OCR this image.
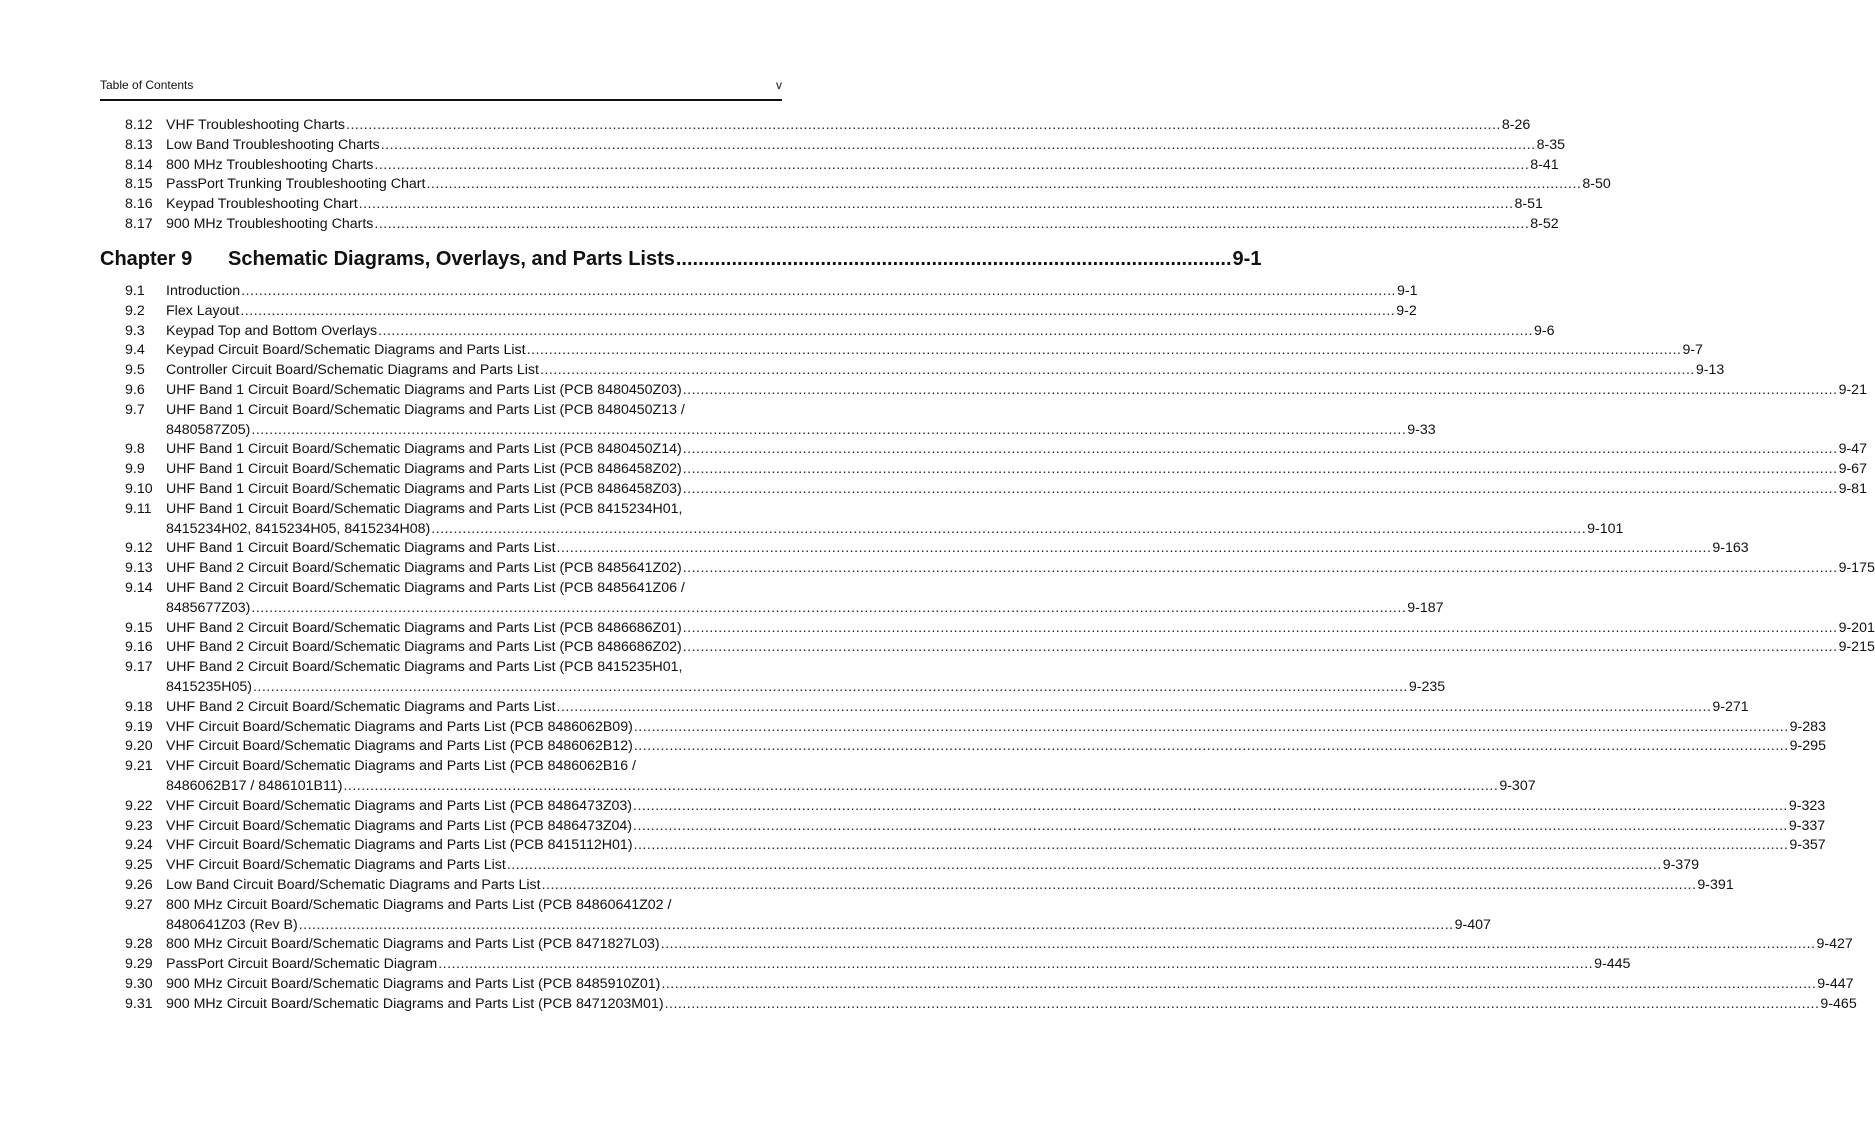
Table of Contents	v
8.12 VHF Troubleshooting Charts .................................................................................................................................................................................................................................................................... 8-26
8.13 Low Band Troubleshooting Charts .................................................................................................................................................................................................................................................................... 8-35
8.14 800 MHz Troubleshooting Charts .................................................................................................................................................................................................................................................................... 8-41
8.15 PassPort Trunking Troubleshooting Chart .................................................................................................................................................................................................................................................................... 8-50
8.16 Keypad Troubleshooting Chart .................................................................................................................................................................................................................................................................... 8-51
8.17 900 MHz Troubleshooting Charts .................................................................................................................................................................................................................................................................... 8-52
Chapter 9	Schematic Diagrams, Overlays, and Parts Lists .................................................................................................... 9-1
9.1 Introduction .................................................................................................................................................................................................................................................................... 9-1
9.2 Flex Layout .................................................................................................................................................................................................................................................................... 9-2
9.3 Keypad Top and Bottom Overlays .................................................................................................................................................................................................................................................................... 9-6
9.4 Keypad Circuit Board/Schematic Diagrams and Parts List .................................................................................................................................................................................................................................................................... 9-7
9.5 Controller Circuit Board/Schematic Diagrams and Parts List .................................................................................................................................................................................................................................................................... 9-13
9.6 UHF Band 1 Circuit Board/Schematic Diagrams and Parts List (PCB 8480450Z03) .................................................................................................................................................................................................................................................................... 9-21
9.7 UHF Band 1 Circuit Board/Schematic Diagrams and Parts List (PCB 8480450Z13 /
8480587Z05) .................................................................................................................................................................................................................................................................... 9-33
9.8 UHF Band 1 Circuit Board/Schematic Diagrams and Parts List (PCB 8480450Z14) .................................................................................................................................................................................................................................................................... 9-47
9.9 UHF Band 1 Circuit Board/Schematic Diagrams and Parts List (PCB 8486458Z02) .................................................................................................................................................................................................................................................................... 9-67
9.10 UHF Band 1 Circuit Board/Schematic Diagrams and Parts List (PCB 8486458Z03) .................................................................................................................................................................................................................................................................... 9-81
9.11 UHF Band 1 Circuit Board/Schematic Diagrams and Parts List (PCB 8415234H01,
8415234H02, 8415234H05, 8415234H08) .................................................................................................................................................................................................................................................................... 9-101
9.12 UHF Band 1 Circuit Board/Schematic Diagrams and Parts List .................................................................................................................................................................................................................................................................... 9-163
9.13 UHF Band 2 Circuit Board/Schematic Diagrams and Parts List (PCB 8485641Z02) .................................................................................................................................................................................................................................................................... 9-175
9.14 UHF Band 2 Circuit Board/Schematic Diagrams and Parts List (PCB 8485641Z06 /
8485677Z03) .................................................................................................................................................................................................................................................................... 9-187
9.15 UHF Band 2 Circuit Board/Schematic Diagrams and Parts List (PCB 8486686Z01) .................................................................................................................................................................................................................................................................... 9-201
9.16 UHF Band 2 Circuit Board/Schematic Diagrams and Parts List (PCB 8486686Z02) .................................................................................................................................................................................................................................................................... 9-215
9.17 UHF Band 2 Circuit Board/Schematic Diagrams and Parts List (PCB 8415235H01,
8415235H05) .................................................................................................................................................................................................................................................................... 9-235
9.18 UHF Band 2 Circuit Board/Schematic Diagrams and Parts List .................................................................................................................................................................................................................................................................... 9-271
9.19 VHF Circuit Board/Schematic Diagrams and Parts List (PCB 8486062B09) .................................................................................................................................................................................................................................................................... 9-283
9.20 VHF Circuit Board/Schematic Diagrams and Parts List (PCB 8486062B12) .................................................................................................................................................................................................................................................................... 9-295
9.21 VHF Circuit Board/Schematic Diagrams and Parts List (PCB 8486062B16 /
8486062B17 / 8486101B11) .................................................................................................................................................................................................................................................................... 9-307
9.22 VHF Circuit Board/Schematic Diagrams and Parts List (PCB 8486473Z03) .................................................................................................................................................................................................................................................................... 9-323
9.23 VHF Circuit Board/Schematic Diagrams and Parts List (PCB 8486473Z04) .................................................................................................................................................................................................................................................................... 9-337
9.24 VHF Circuit Board/Schematic Diagrams and Parts List (PCB 8415112H01) .................................................................................................................................................................................................................................................................... 9-357
9.25 VHF Circuit Board/Schematic Diagrams and Parts List .................................................................................................................................................................................................................................................................... 9-379
9.26 Low Band Circuit Board/Schematic Diagrams and Parts List .................................................................................................................................................................................................................................................................... 9-391
9.27 800 MHz Circuit Board/Schematic Diagrams and Parts List (PCB 84860641Z02 /
8480641Z03 (Rev B) .................................................................................................................................................................................................................................................................... 9-407
9.28 800 MHz Circuit Board/Schematic Diagrams and Parts List (PCB 8471827L03) .................................................................................................................................................................................................................................................................... 9-427
9.29 PassPort Circuit Board/Schematic Diagram .................................................................................................................................................................................................................................................................... 9-445
9.30 900 MHz Circuit Board/Schematic Diagrams and Parts List (PCB 8485910Z01) .................................................................................................................................................................................................................................................................... 9-447
9.31 900 MHz Circuit Board/Schematic Diagrams and Parts List (PCB 8471203M01) .................................................................................................................................................................................................................................................................... 9-465
